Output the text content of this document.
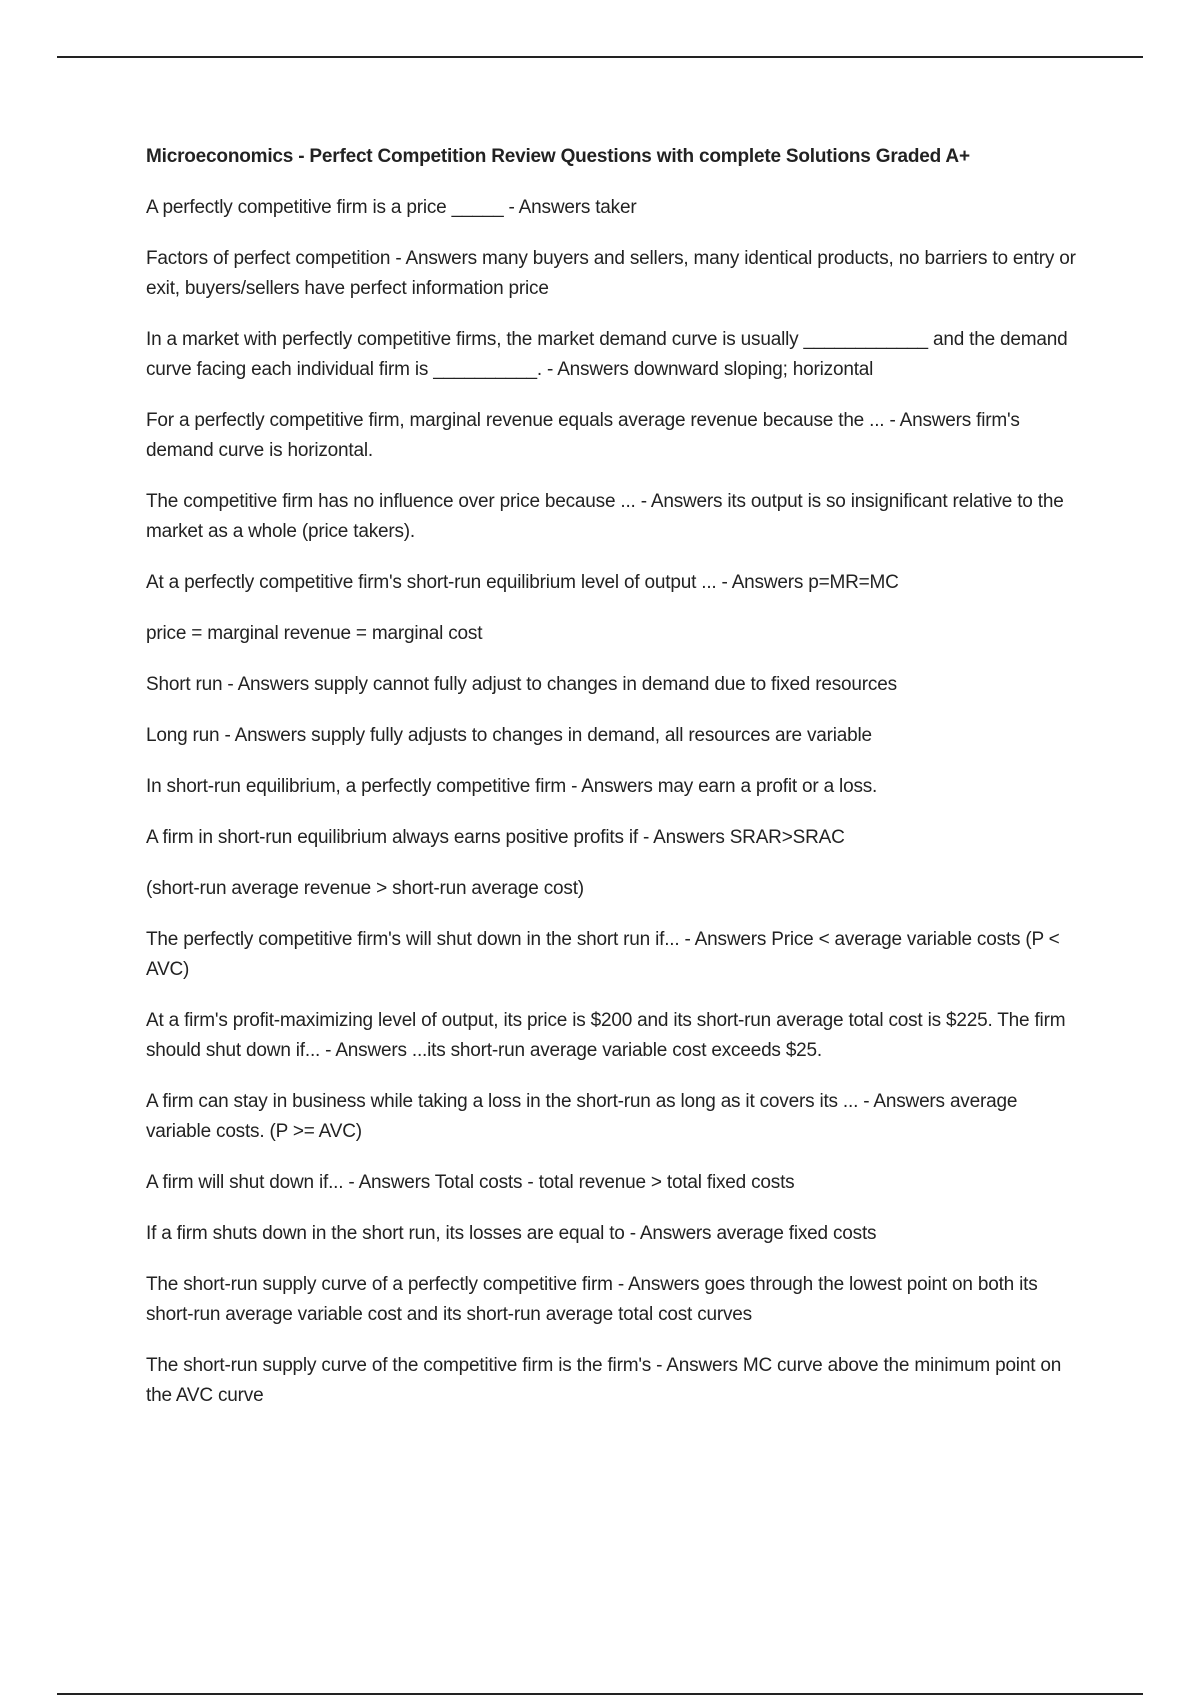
Microeconomics - Perfect Competition Review Questions with complete Solutions Graded A+

A perfectly competitive firm is a price _____ - Answers taker

Factors of perfect competition - Answers many buyers and sellers, many identical products, no barriers to entry or exit, buyers/sellers have perfect information price

In a market with perfectly competitive firms, the market demand curve is usually ____________ and the demand curve facing each individual firm is __________. - Answers downward sloping; horizontal

For a perfectly competitive firm, marginal revenue equals average revenue because the ... - Answers firm's demand curve is horizontal.

The competitive firm has no influence over price because ... - Answers its output is so insignificant relative to the market as a whole (price takers).

At a perfectly competitive firm's short-run equilibrium level of output ... - Answers p=MR=MC

price = marginal revenue = marginal cost

Short run - Answers supply cannot fully adjust to changes in demand due to fixed resources

Long run - Answers supply fully adjusts to changes in demand, all resources are variable

In short-run equilibrium, a perfectly competitive firm - Answers may earn a profit or a loss.

A firm in short-run equilibrium always earns positive profits if - Answers SRAR>SRAC

(short-run average revenue > short-run average cost)

The perfectly competitive firm's will shut down in the short run if... - Answers Price < average variable costs (P < AVC)

At a firm's profit-maximizing level of output, its price is $200 and its short-run average total cost is $225. The firm should shut down if... - Answers ...its short-run average variable cost exceeds $25.

A firm can stay in business while taking a loss in the short-run as long as it covers its ... - Answers average variable costs. (P >= AVC)

A firm will shut down if... - Answers Total costs - total revenue > total fixed costs

If a firm shuts down in the short run, its losses are equal to - Answers average fixed costs

The short-run supply curve of a perfectly competitive firm - Answers goes through the lowest point on both its short-run average variable cost and its short-run average total cost curves

The short-run supply curve of the competitive firm is the firm's - Answers MC curve above the minimum point on the AVC curve
